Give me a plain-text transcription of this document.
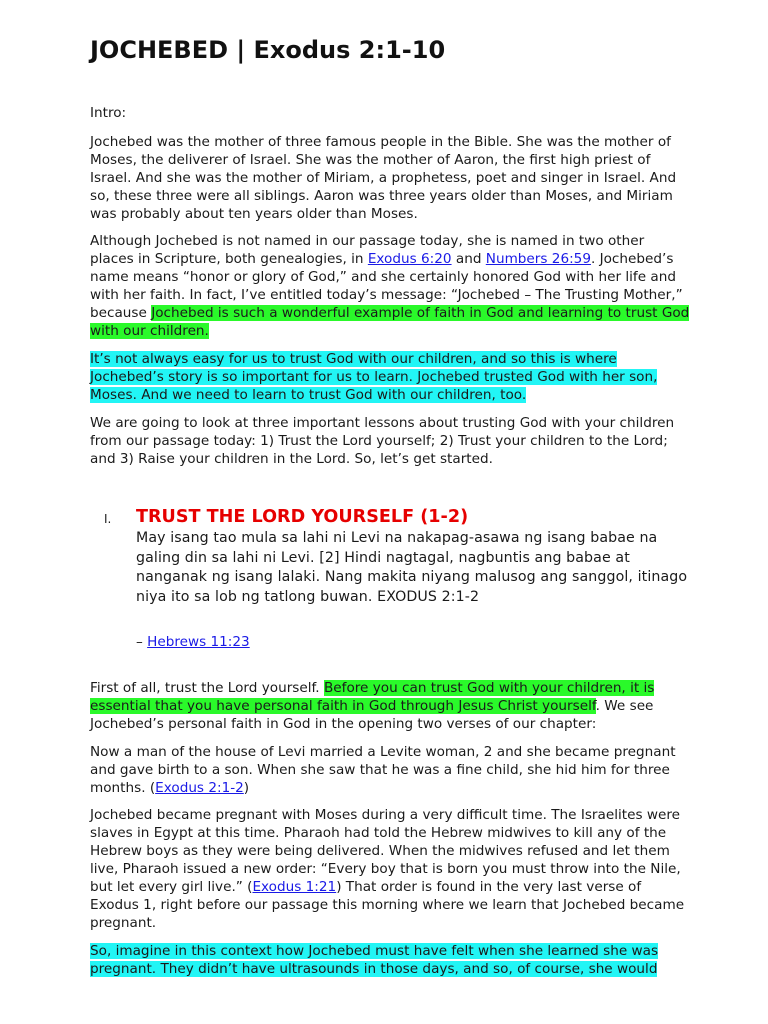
JOCHEBED | Exodus 2:1-10

Intro:

Jochebed was the mother of three famous people in the Bible. She was the mother of Moses, the deliverer of Israel. She was the mother of Aaron, the first high priest of Israel. And she was the mother of Miriam, a prophetess, poet and singer in Israel. And so, these three were all siblings. Aaron was three years older than Moses, and Miriam was probably about ten years older than Moses.

Although Jochebed is not named in our passage today, she is named in two other places in Scripture, both genealogies, in Exodus 6:20 and Numbers 26:59. Jochebed’s name means “honor or glory of God,” and she certainly honored God with her life and with her faith. In fact, I’ve entitled today’s message: “Jochebed – The Trusting Mother,” because Jochebed is such a wonderful example of faith in God and learning to trust God with our children.

It’s not always easy for us to trust God with our children, and so this is where Jochebed’s story is so important for us to learn. Jochebed trusted God with her son, Moses. And we need to learn to trust God with our children, too.

We are going to look at three important lessons about trusting God with your children from our passage today: 1) Trust the Lord yourself; 2) Trust your children to the Lord; and 3) Raise your children in the Lord. So, let’s get started.

I. TRUST THE LORD YOURSELF (1-2)

May isang tao mula sa lahi ni Levi na nakapag-asawa ng isang babae na galing din sa lahi ni Levi. [2] Hindi nagtagal, nagbuntis ang babae at nanganak ng isang lalaki. Nang makita niyang malusog ang sanggol, itinago niya ito sa lob ng tatlong buwan. EXODUS 2:1-2

– Hebrews 11:23

First of all, trust the Lord yourself. Before you can trust God with your children, it is essential that you have personal faith in God through Jesus Christ yourself. We see Jochebed’s personal faith in God in the opening two verses of our chapter:

Now a man of the house of Levi married a Levite woman, 2 and she became pregnant and gave birth to a son. When she saw that he was a fine child, she hid him for three months. (Exodus 2:1-2)

Jochebed became pregnant with Moses during a very difficult time. The Israelites were slaves in Egypt at this time. Pharaoh had told the Hebrew midwives to kill any of the Hebrew boys as they were being delivered. When the midwives refused and let them live, Pharaoh issued a new order: “Every boy that is born you must throw into the Nile, but let every girl live.” (Exodus 1:21) That order is found in the very last verse of Exodus 1, right before our passage this morning where we learn that Jochebed became pregnant.

So, imagine in this context how Jochebed must have felt when she learned she was pregnant. They didn’t have ultrasounds in those days, and so, of course, she would
